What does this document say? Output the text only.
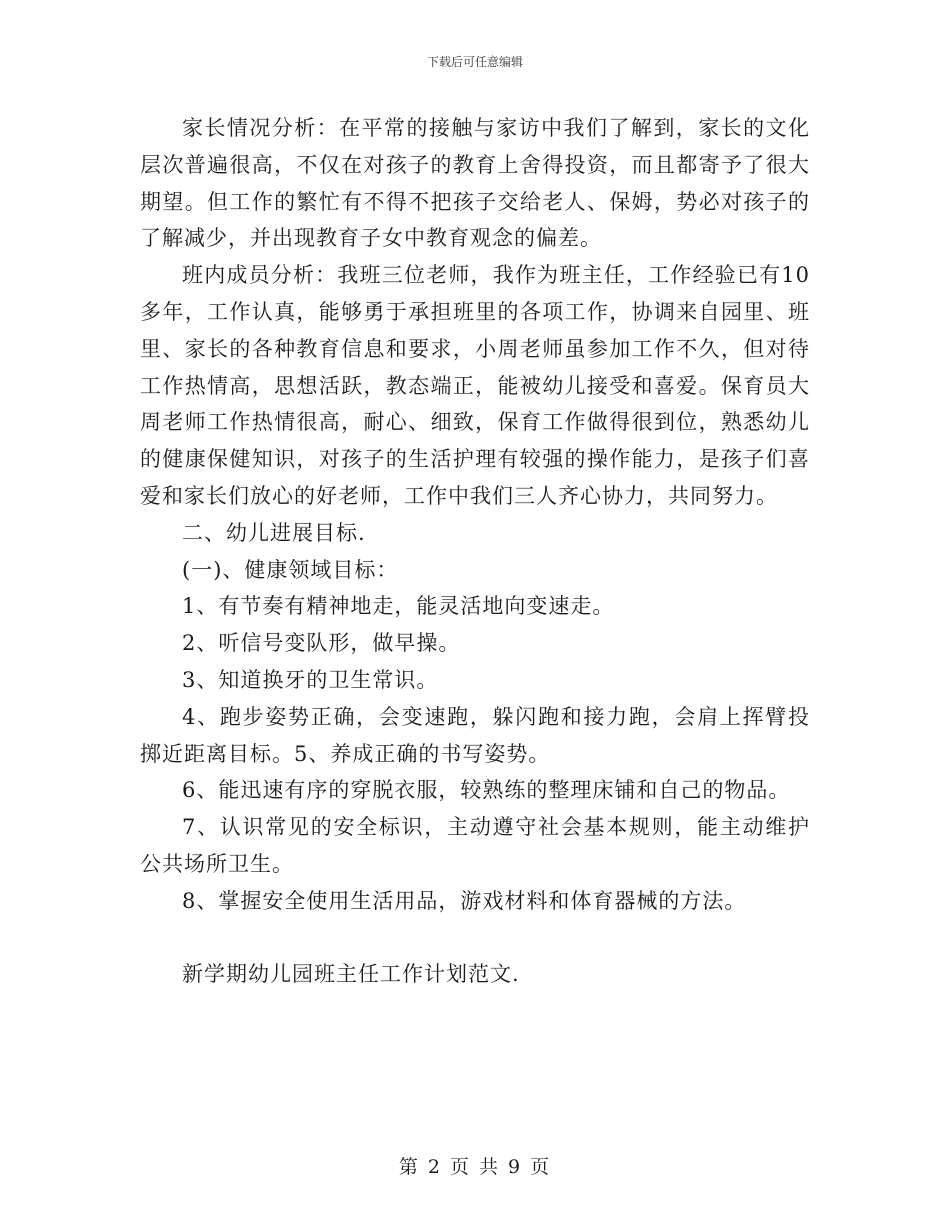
下载后可任意编辑

家长情况分析：在平常的接触与家访中我们了解到，家长的文化层次普遍很高，不仅在对孩子的教育上舍得投资，而且都寄予了很大期望。但工作的繁忙有不得不把孩子交给老人、保姆，势必对孩子的了解减少，并出现教育子女中教育观念的偏差。

班内成员分析：我班三位老师，我作为班主任，工作经验已有10多年，工作认真，能够勇于承担班里的各项工作，协调来自园里、班里、家长的各种教育信息和要求，小周老师虽参加工作不久，但对待工作热情高，思想活跃，教态端正，能被幼儿接受和喜爱。保育员大周老师工作热情很高，耐心、细致，保育工作做得很到位，熟悉幼儿的健康保健知识，对孩子的生活护理有较强的操作能力，是孩子们喜爱和家长们放心的好老师，工作中我们三人齐心协力，共同努力。

二、幼儿进展目标.

(一)、健康领域目标：

1、有节奏有精神地走，能灵活地向变速走。

2、听信号变队形，做早操。

3、知道换牙的卫生常识。

4、跑步姿势正确，会变速跑，躲闪跑和接力跑，会肩上挥臂投掷近距离目标。5、养成正确的书写姿势。

6、能迅速有序的穿脱衣服，较熟练的整理床铺和自己的物品。

7、认识常见的安全标识，主动遵守社会基本规则，能主动维护公共场所卫生。

8、掌握安全使用生活用品，游戏材料和体育器械的方法。

新学期幼儿园班主任工作计划范文.

第 2 页 共 9 页
